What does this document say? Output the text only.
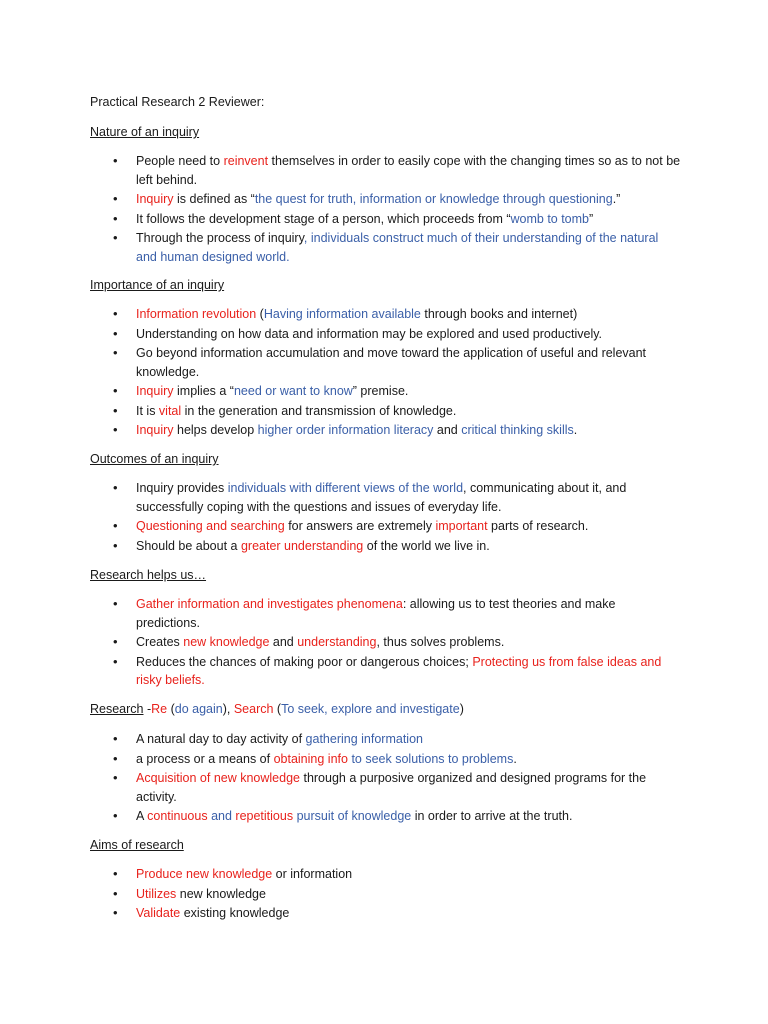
Practical Research 2 Reviewer:
Nature of an inquiry
• People need to reinvent themselves in order to easily cope with the changing times so as to not be left behind.
• Inquiry is defined as “the quest for truth, information or knowledge through questioning.”
• It follows the development stage of a person, which proceeds from “womb to tomb”
• Through the process of inquiry, individuals construct much of their understanding of the natural and human designed world.
Importance of an inquiry
• Information revolution (Having information available through books and internet)
• Understanding on how data and information may be explored and used productively.
• Go beyond information accumulation and move toward the application of useful and relevant knowledge.
• Inquiry implies a “need or want to know” premise.
• It is vital in the generation and transmission of knowledge.
• Inquiry helps develop higher order information literacy and critical thinking skills.
Outcomes of an inquiry
• Inquiry provides individuals with different views of the world, communicating about it, and successfully coping with the questions and issues of everyday life.
• Questioning and searching for answers are extremely important parts of research.
• Should be about a greater understanding of the world we live in.
Research helps us…
• Gather information and investigates phenomena: allowing us to test theories and make predictions.
• Creates new knowledge and understanding, thus solves problems.
• Reduces the chances of making poor or dangerous choices; Protecting us from false ideas and risky beliefs.

Research -Re (do again), Search (To seek, explore and investigate)

• A natural day to day activity of gathering information
• a process or a means of obtaining info to seek solutions to problems.
• Acquisition of new knowledge through a purposive organized and designed programs for the activity.
• A continuous and repetitious pursuit of knowledge in order to arrive at the truth.
Aims of research
• Produce new knowledge or information
• Utilizes new knowledge
• Validate existing knowledge
